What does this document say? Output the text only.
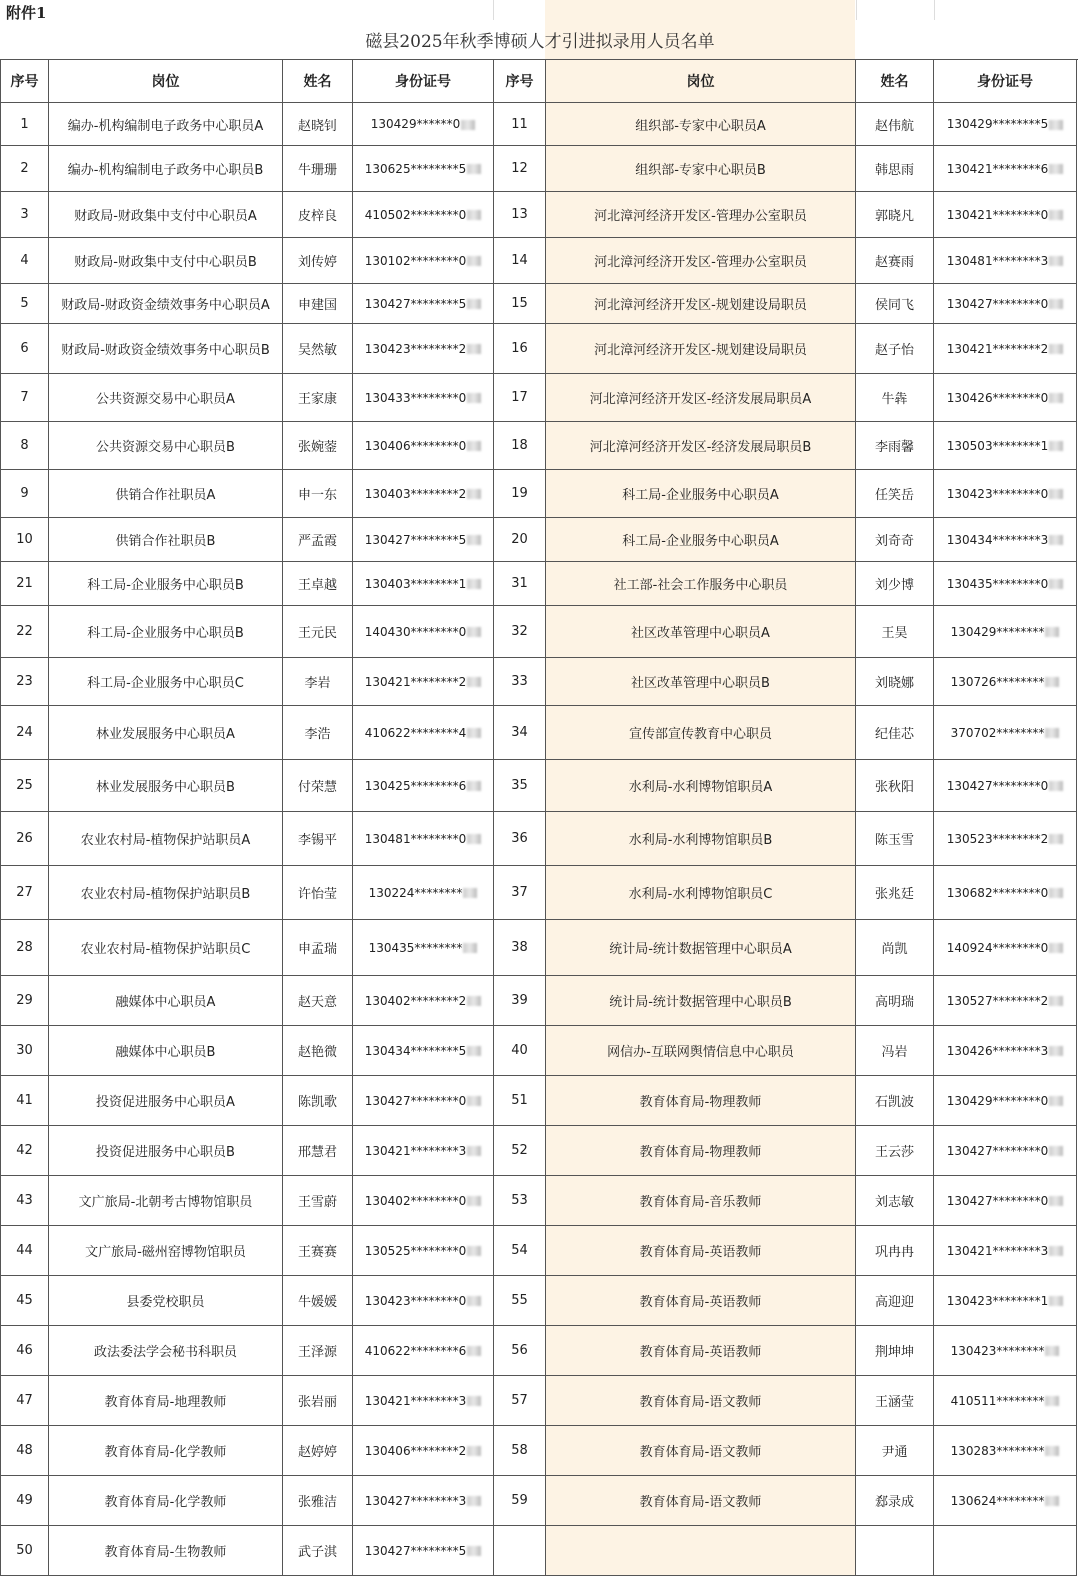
附件1
磁县2025年秋季博硕人才引进拟录用人员名单
序号	岗位	姓名	身份证号	序号	岗位	姓名	身份证号
1	编办-机构编制电子政务中心职员A	赵晓钊	130429******0	11	组织部-专家中心职员A	赵伟航	130429********5
2	编办-机构编制电子政务中心职员B	牛珊珊	130625********5	12	组织部-专家中心职员B	韩思雨	130421********6
3	财政局-财政集中支付中心职员A	皮梓良	410502********0	13	河北漳河经济开发区-管理办公室职员	郭晓凡	130421********0
4	财政局-财政集中支付中心职员B	刘传婷	130102********0	14	河北漳河经济开发区-管理办公室职员	赵赛雨	130481********3
5	财政局-财政资金绩效事务中心职员A	申建国	130427********5	15	河北漳河经济开发区-规划建设局职员	侯同飞	130427********0
6	财政局-财政资金绩效事务中心职员B	吴然敏	130423********2	16	河北漳河经济开发区-规划建设局职员	赵子怡	130421********2
7	公共资源交易中心职员A	王家康	130433********0	17	河北漳河经济开发区-经济发展局职员A	牛犇	130426********0
8	公共资源交易中心职员B	张婉蓥	130406********0	18	河北漳河经济开发区-经济发展局职员B	李雨馨	130503********1
9	供销合作社职员A	申一东	130403********2	19	科工局-企业服务中心职员A	任笑岳	130423********0
10	供销合作社职员B	严孟霞	130427********5	20	科工局-企业服务中心职员A	刘奇奇	130434********3
21	科工局-企业服务中心职员B	王卓越	130403********1	31	社工部-社会工作服务中心职员	刘少博	130435********0
22	科工局-企业服务中心职员B	王元民	140430********0	32	社区改革管理中心职员A	王昊	130429********
23	科工局-企业服务中心职员C	李岩	130421********2	33	社区改革管理中心职员B	刘晓娜	130726********
24	林业发展服务中心职员A	李浩	410622********4	34	宣传部宣传教育中心职员	纪佳芯	370702********
25	林业发展服务中心职员B	付荣慧	130425********6	35	水利局-水利博物馆职员A	张秋阳	130427********0
26	农业农村局-植物保护站职员A	李锡平	130481********0	36	水利局-水利博物馆职员B	陈玉雪	130523********2
27	农业农村局-植物保护站职员B	许怡莹	130224********	37	水利局-水利博物馆职员C	张兆廷	130682********0
28	农业农村局-植物保护站职员C	申孟瑞	130435********	38	统计局-统计数据管理中心职员A	尚凯	140924********0
29	融媒体中心职员A	赵天意	130402********2	39	统计局-统计数据管理中心职员B	高明瑞	130527********2
30	融媒体中心职员B	赵艳微	130434********5	40	网信办-互联网舆情信息中心职员	冯岩	130426********3
41	投资促进服务中心职员A	陈凯歌	130427********0	51	教育体育局-物理教师	石凯波	130429********0
42	投资促进服务中心职员B	邢慧君	130421********3	52	教育体育局-物理教师	王云莎	130427********0
43	文广旅局-北朝考古博物馆职员	王雪蔚	130402********0	53	教育体育局-音乐教师	刘志敏	130427********0
44	文广旅局-磁州窑博物馆职员	王赛赛	130525********0	54	教育体育局-英语教师	巩冉冉	130421********3
45	县委党校职员	牛媛媛	130423********0	55	教育体育局-英语教师	高迎迎	130423********1
46	政法委法学会秘书科职员	王泽源	410622********6	56	教育体育局-英语教师	荆坤坤	130423********
47	教育体育局-地理教师	张岩丽	130421********3	57	教育体育局-语文教师	王涵莹	410511********
48	教育体育局-化学教师	赵婷婷	130406********2	58	教育体育局-语文教师	尹通	130283********
49	教育体育局-化学教师	张雅洁	130427********3	59	教育体育局-语文教师	郄录成	130624********
50	教育体育局-生物教师	武子淇	130427********5				
